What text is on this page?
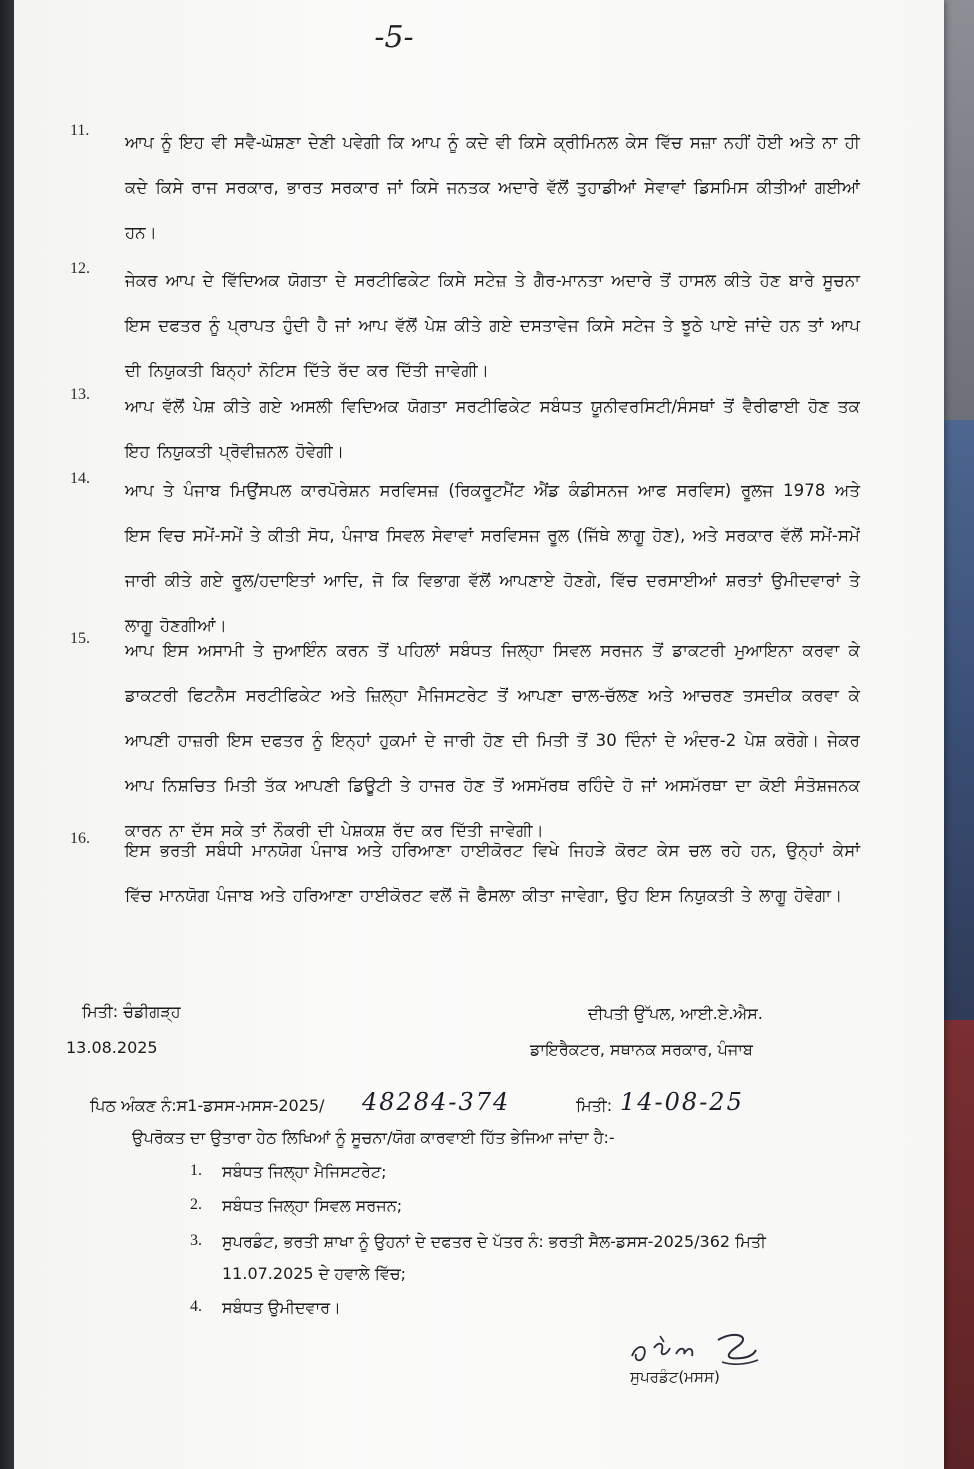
-5-
11.
ਆਪ ਨੂੰ ਇਹ ਵੀ ਸਵੈ-ਘੋਸ਼ਣਾ ਦੇਣੀ ਪਵੇਗੀ ਕਿ ਆਪ ਨੂੰ ਕਦੇ ਵੀ ਕਿਸੇ ਕ੍ਰੀਮਿਨਲ ਕੇਸ ਵਿੱਚ ਸਜ਼ਾ ਨਹੀਂ ਹੋਈ ਅਤੇ ਨਾ ਹੀ ਕਦੇ ਕਿਸੇ ਰਾਜ ਸਰਕਾਰ, ਭਾਰਤ ਸਰਕਾਰ ਜਾਂ ਕਿਸੇ ਜਨਤਕ ਅਦਾਰੇ ਵੱਲੋਂ ਤੁਹਾਡੀਆਂ ਸੇਵਾਵਾਂ ਡਿਸਮਿਸ ਕੀਤੀਆਂ ਗਈਆਂ ਹਨ।
12.
ਜੇਕਰ ਆਪ ਦੇ ਵਿੱਦਿਅਕ ਯੋਗਤਾ ਦੇ ਸਰਟੀਫਿਕੇਟ ਕਿਸੇ ਸਟੇਜ਼ ਤੇ ਗੈਰ-ਮਾਨਤਾ ਅਦਾਰੇ ਤੋਂ ਹਾਸਲ ਕੀਤੇ ਹੋਣ ਬਾਰੇ ਸੂਚਨਾ ਇਸ ਦਫਤਰ ਨੂੰ ਪ੍ਰਾਪਤ ਹੁੰਦੀ ਹੈ ਜਾਂ ਆਪ ਵੱਲੋਂ ਪੇਸ਼ ਕੀਤੇ ਗਏ ਦਸਤਾਵੇਜ ਕਿਸੇ ਸਟੇਜ ਤੇ ਝੂਠੇ ਪਾਏ ਜਾਂਦੇ ਹਨ ਤਾਂ ਆਪ ਦੀ ਨਿਯੁਕਤੀ ਬਿਨ੍ਹਾਂ ਨੋਟਿਸ ਦਿੱਤੇ ਰੱਦ ਕਰ ਦਿੱਤੀ ਜਾਵੇਗੀ।
13.
ਆਪ ਵੱਲੋਂ ਪੇਸ਼ ਕੀਤੇ ਗਏ ਅਸਲੀ ਵਿਦਿਅਕ ਯੋਗਤਾ ਸਰਟੀਫਿਕੇਟ ਸਬੰਧਤ ਯੂਨੀਵਰਸਿਟੀ/ਸੰਸਥਾਂ ਤੋਂ ਵੈਰੀਫਾਈ ਹੋਣ ਤਕ ਇਹ ਨਿਯੁਕਤੀ ਪ੍ਰੋਵੀਜ਼ਨਲ ਹੋਵੇਗੀ।
14.
ਆਪ ਤੇ ਪੰਜਾਬ ਮਿਉਂਸਪਲ ਕਾਰਪੋਰੇਸ਼ਨ ਸਰਵਿਸਜ਼ (ਰਿਕਰੂਟਮੈਂਟ ਐਂਡ ਕੰਡੀਸਨਜ ਆਫ ਸਰਵਿਸ) ਰੂਲਜ 1978 ਅਤੇ ਇਸ ਵਿਚ ਸਮੇਂ-ਸਮੇਂ ਤੇ ਕੀਤੀ ਸੋਧ, ਪੰਜਾਬ ਸਿਵਲ ਸੇਵਾਵਾਂ ਸਰਵਿਸਜ ਰੂਲ (ਜਿੱਥੇ ਲਾਗੂ ਹੋਣ), ਅਤੇ ਸਰਕਾਰ ਵੱਲੋਂ ਸਮੇਂ-ਸਮੇਂ ਜਾਰੀ ਕੀਤੇ ਗਏ ਰੂਲ/ਹਦਾਇਤਾਂ ਆਦਿ, ਜੋ ਕਿ ਵਿਭਾਗ ਵੱਲੋਂ ਆਪਣਾਏ ਹੋਣਗੇ, ਵਿੱਚ ਦਰਸਾਈਆਂ ਸ਼ਰਤਾਂ ਉਮੀਦਵਾਰਾਂ ਤੇ ਲਾਗੂ ਹੋਣਗੀਆਂ।
15.
ਆਪ ਇਸ ਅਸਾਮੀ ਤੇ ਜੁਆਇੰਨ ਕਰਨ ਤੋਂ ਪਹਿਲਾਂ ਸਬੰਧਤ ਜਿਲ੍ਹਾ ਸਿਵਲ ਸਰਜਨ ਤੋਂ ਡਾਕਟਰੀ ਮੁਆਇਨਾ ਕਰਵਾ ਕੇ ਡਾਕਟਰੀ ਫਿਟਨੈਸ ਸਰਟੀਫਿਕੇਟ ਅਤੇ ਜ਼ਿਲ੍ਹਾ ਮੈਜਿਸਟਰੇਟ ਤੋਂ ਆਪਣਾ ਚਾਲ-ਚੱਲਣ ਅਤੇ ਆਚਰਣ ਤਸਦੀਕ ਕਰਵਾ ਕੇ ਆਪਣੀ ਹਾਜ਼ਰੀ ਇਸ ਦਫਤਰ ਨੂੰ ਇਨ੍ਹਾਂ ਹੁਕਮਾਂ ਦੇ ਜਾਰੀ ਹੋਣ ਦੀ ਮਿਤੀ ਤੋਂ 30 ਦਿੰਨਾਂ ਦੇ ਅੰਦਰ-2 ਪੇਸ਼ ਕਰੋਗੇ। ਜੇਕਰ ਆਪ ਨਿਸ਼ਚਿਤ ਮਿਤੀ ਤੱਕ ਆਪਣੀ ਡਿਊਟੀ ਤੇ ਹਾਜਰ ਹੋਣ ਤੋਂ ਅਸਮੱਰਥ ਰਹਿੰਦੇ ਹੋ ਜਾਂ ਅਸਮੱਰਥਾ ਦਾ ਕੋਈ ਸੰਤੋਸ਼ਜਨਕ ਕਾਰਨ ਨਾ ਦੱਸ ਸਕੇ ਤਾਂ ਨੌਕਰੀ ਦੀ ਪੇਸ਼ਕਸ਼ ਰੱਦ ਕਰ ਦਿੱਤੀ ਜਾਵੇਗੀ।
16.
ਇਸ ਭਰਤੀ ਸਬੰਧੀ ਮਾਨਯੋਗ ਪੰਜਾਬ ਅਤੇ ਹਰਿਆਣਾ ਹਾਈਕੋਰਟ ਵਿਖੇ ਜਿਹੜੇ ਕੋਰਟ ਕੇਸ ਚਲ ਰਹੇ ਹਨ, ਉਨ੍ਹਾਂ ਕੇਸਾਂ ਵਿੱਚ ਮਾਨਯੋਗ ਪੰਜਾਬ ਅਤੇ ਹਰਿਆਣਾ ਹਾਈਕੋਰਟ ਵਲੋਂ ਜੋ ਫੈਸਲਾ ਕੀਤਾ ਜਾਵੇਗਾ, ਉਹ ਇਸ ਨਿਯੁਕਤੀ ਤੇ ਲਾਗੂ ਹੋਵੇਗਾ।
ਮਿਤੀ: ਚੰਡੀਗੜ੍ਹ
13.08.2025
ਦੀਪਤੀ ਉੱਪਲ, ਆਈ.ਏ.ਐਸ.
ਡਾਇਰੈਕਟਰ, ਸਥਾਨਕ ਸਰਕਾਰ, ਪੰਜਾਬ
ਪਿਠ ਅੰਕਣ ਨੰ:ਸ1-ਡਸਸ-ਮਸਸ-2025/ 48284-374	ਮਿਤੀ: 14-08-25
ਉਪਰੋਕਤ ਦਾ ਉਤਾਰਾ ਹੇਠ ਲਿਖਿਆਂ ਨੂੰ ਸੂਚਨਾ/ਯੋਗ ਕਾਰਵਾਈ ਹਿੱਤ ਭੇਜਿਆ ਜਾਂਦਾ ਹੈ:-
1.	ਸਬੰਧਤ ਜਿਲ੍ਹਾ ਮੈਜਿਸਟਰੇਟ;
2.	ਸਬੰਧਤ ਜਿਲ੍ਹਾ ਸਿਵਲ ਸਰਜਨ;
3.	ਸੁਪਰਡੰਟ, ਭਰਤੀ ਸ਼ਾਖਾ ਨੂੰ ਉਹਨਾਂ ਦੇ ਦਫਤਰ ਦੇ ਪੱਤਰ ਨੰ: ਭਰਤੀ ਸੈਲ-ਡਸਸ-2025/362 ਮਿਤੀ 11.07.2025 ਦੇ ਹਵਾਲੇ ਵਿੱਚ;
4.	ਸਬੰਧਤ ਉਮੀਦਵਾਰ।
ਸੁਪਰਡੰਟ(ਮਸਸ)
